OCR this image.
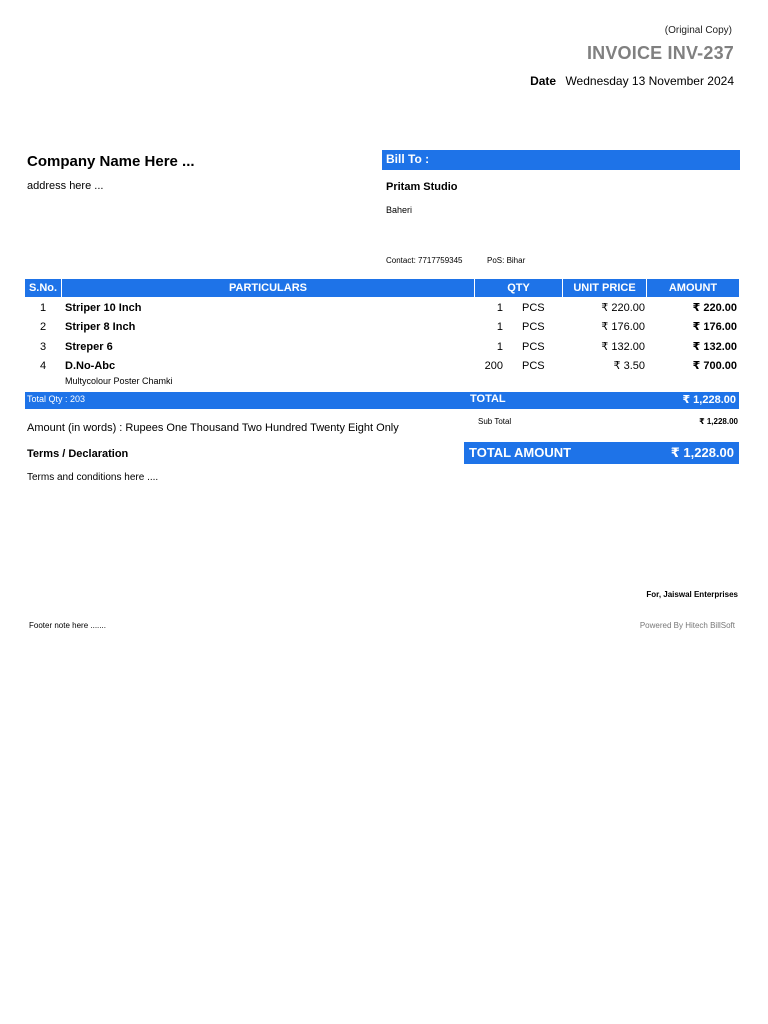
(Original Copy)
INVOICE INV-237
Date Wednesday 13 November 2024
Company Name Here ...
address here ...
Bill To :
Pritam Studio
Baheri
Contact: 7717759345	PoS: Bihar
S.No.	PARTICULARS	QTY	UNIT PRICE	AMOUNT
1	Striper 10 Inch	1 PCS	₹ 220.00	₹ 220.00
2	Striper 8 Inch	1 PCS	₹ 176.00	₹ 176.00
3	Streper 6	1 PCS	₹ 132.00	₹ 132.00
4	D.No-Abc	200 PCS	₹ 3.50	₹ 700.00
Multycolour Poster Chamki
Total Qty : 203	TOTAL	₹ 1,228.00
Amount (in words) : Rupees One Thousand Two Hundred Twenty Eight Only
Sub Total	₹ 1,228.00
TOTAL AMOUNT	₹ 1,228.00
Terms / Declaration
Terms and conditions here ....
For, Jaiswal Enterprises
Footer note here .......	Powered By Hitech BillSoft
